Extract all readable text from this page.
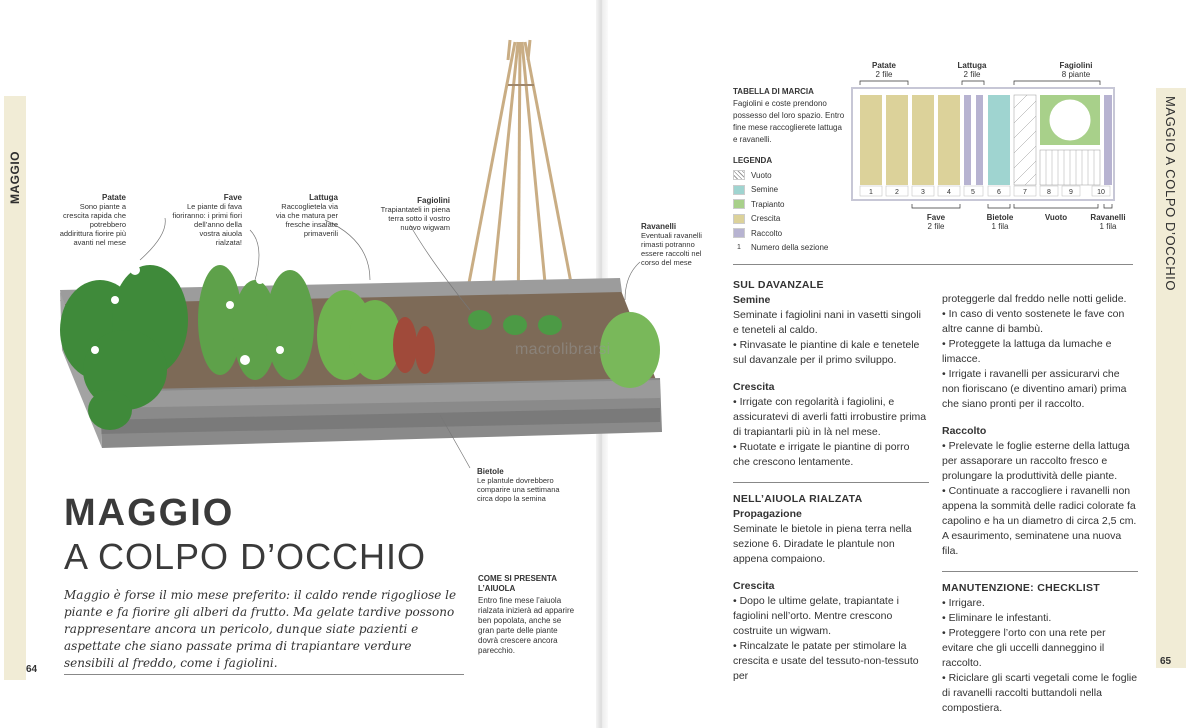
MAGGIO
macrolibrarsi
Patate
Sono piante a crescita rapida che potrebbero addirittura fiorire più avanti nel mese
Fave
Le piante di fava fioriranno: i primi fiori dell’anno della vostra aiuola rialzata!
Lattuga
Raccoglietela via via che matura per fresche insalate primaverili
Fagiolini
Trapiantateli in piena terra sotto il vostro nuovo wigwam	Ravanelli
Eventuali ravanelli rimasti potranno essere raccolti nel corso del mese
Bietole
Le plantule dovrebbero comparire una settimana circa dopo la semina
MAGGIO
A COLPO D’OCCHIO
Maggio è forse il mio mese preferito: il caldo rende rigogliose le piante e fa fiorire gli alberi da frutto. Ma gelate tardive possono rappresentare ancora un pericolo, dunque siate pazienti e aspettate che siano passate prima di trapiantare verdure sensibili al freddo, come i fagiolini.
COME SI PRESENTA L’AIUOLA
Entro fine mese l’aiuola rialzata inizierà ad apparire ben popolata, anche se gran parte delle piante dovrà crescere ancora parecchio.
64
TABELLA DI MARCIA
Fagiolini e coste prendono possesso del loro spazio. Entro fine mese raccoglierete lattuga e ravanelli.
LEGENDA
Vuoto
Semine
Trapianto
Crescita
Raccolto
1	Numero della sezione
Patate
2 file
Lattuga
2 file
Fagiolini
8 piante
1	2	3	4	5	6	7	8	9	10
Fave
2 file
Bietole
1 fila
Vuoto	Ravanelli
1 fila

SUL DAVANZALE

Semine

Seminate i fagiolini nani in vasetti singoli e teneteli al caldo.

• Rinvasate le piantine di kale e tenetele sul davanzale per il primo sviluppo.

Crescita

• Irrigate con regolarità i fagiolini, e assicuratevi di averli fatti irrobustire prima di trapiantarli più in là nel mese.

• Ruotate e irrigate le piantine di porro che crescono lentamente.

NELL’AIUOLA RIALZATA

Propagazione

Seminate le bietole in piena terra nella sezione 6. Diradate le plantule non appena compaiono.

Crescita

• Dopo le ultime gelate, trapiantate i fagiolini nell’orto. Mentre crescono costruite un wigwam.

• Rincalzate le patate per stimolare la crescita e usate del tessuto-non-tessuto per

proteggerle dal freddo nelle notti gelide.

• In caso di vento sostenete le fave con altre canne di bambù.

• Proteggete la lattuga da lumache e limacce.

• Irrigate i ravanelli per assicurarvi che non fioriscano (e diventino amari) prima che siano pronti per il raccolto.

Raccolto

• Prelevate le foglie esterne della lattuga per assaporare un raccolto fresco e prolungare la produttività delle piante.

• Continuate a raccogliere i ravanelli non appena la sommità delle radici colorate fa capolino e ha un diametro di circa 2,5 cm. A esaurimento, seminatene una nuova fila.

MANUTENZIONE: CHECKLIST

• Irrigare.

• Eliminare le infestanti.

• Proteggere l’orto con una rete per evitare che gli uccelli danneggino il raccolto.

• Riciclare gli scarti vegetali come le foglie di ravanelli raccolti buttandoli nella compostiera.

MAGGIO A COLPO D’OCCHIO
65
